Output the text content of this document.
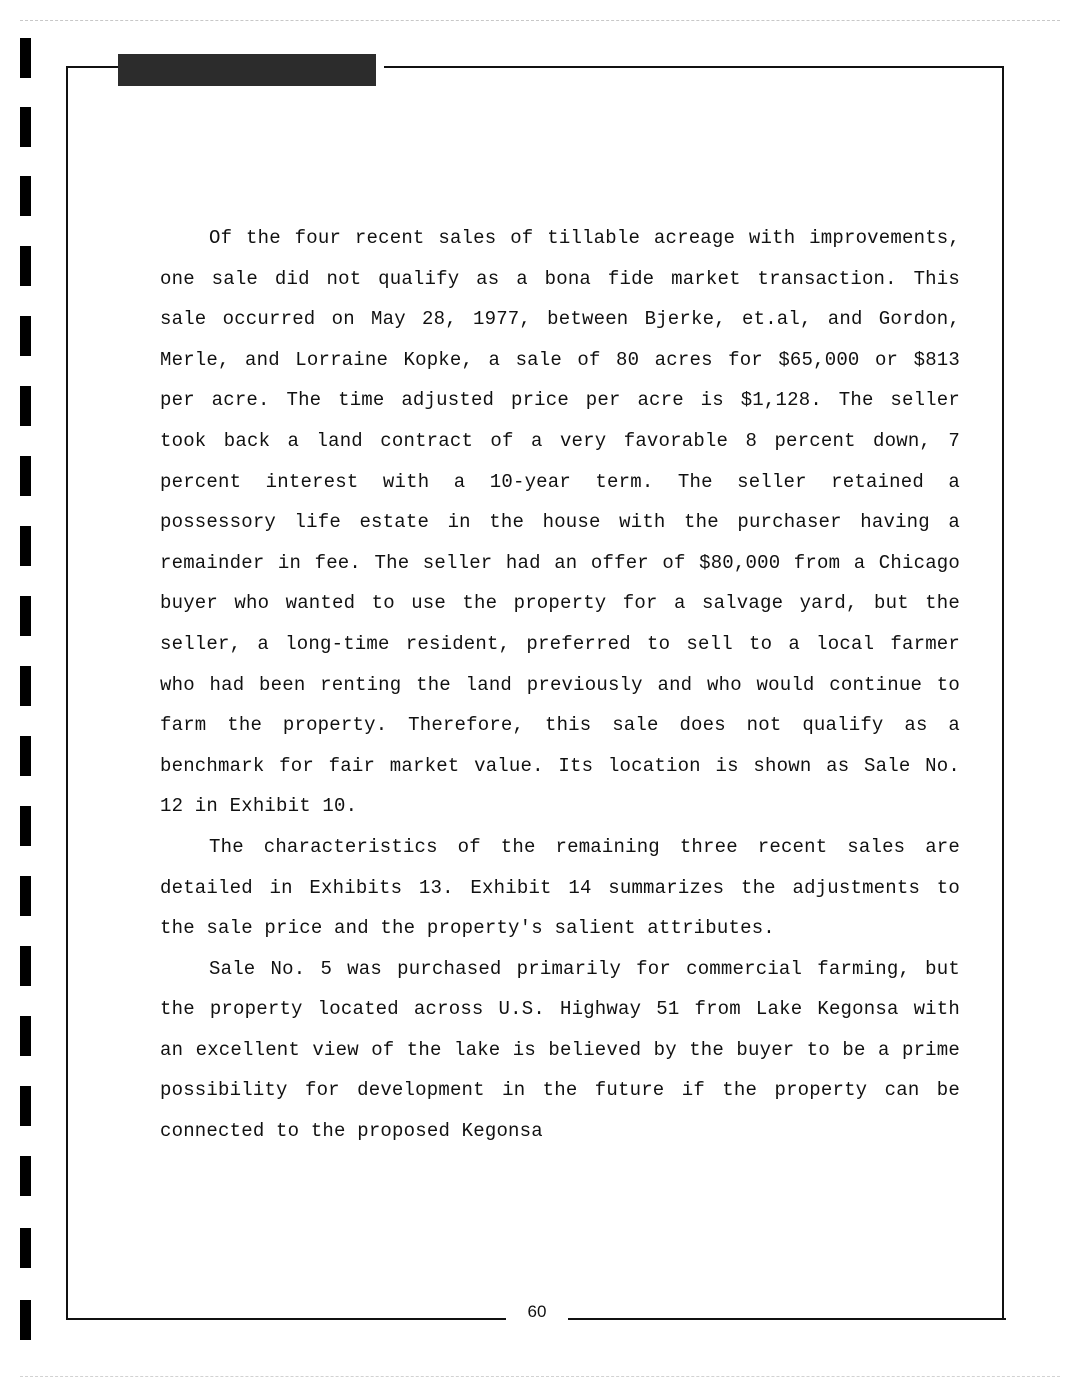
Of the four recent sales of tillable acreage with improvements, one sale did not qualify as a bona fide market transaction. This sale occurred on May 28, 1977, between Bjerke, et.al, and Gordon, Merle, and Lorraine Kopke, a sale of 80 acres for $65,000 or $813 per acre. The time adjusted price per acre is $1,128. The seller took back a land contract of a very favorable 8 percent down, 7 percent interest with a 10-year term. The seller retained a possessory life estate in the house with the purchaser having a remainder in fee. The seller had an offer of $80,000 from a Chicago buyer who wanted to use the property for a salvage yard, but the seller, a long-time resident, preferred to sell to a local farmer who had been renting the land previously and who would continue to farm the property. Therefore, this sale does not qualify as a benchmark for fair market value. Its location is shown as Sale No. 12 in Exhibit 10.

The characteristics of the remaining three recent sales are detailed in Exhibits 13. Exhibit 14 summarizes the adjustments to the sale price and the property's salient attributes.

Sale No. 5 was purchased primarily for commercial farming, but the property located across U.S. Highway 51 from Lake Kegonsa with an excellent view of the lake is believed by the buyer to be a prime possibility for development in the future if the property can be connected to the proposed Kegonsa

60
